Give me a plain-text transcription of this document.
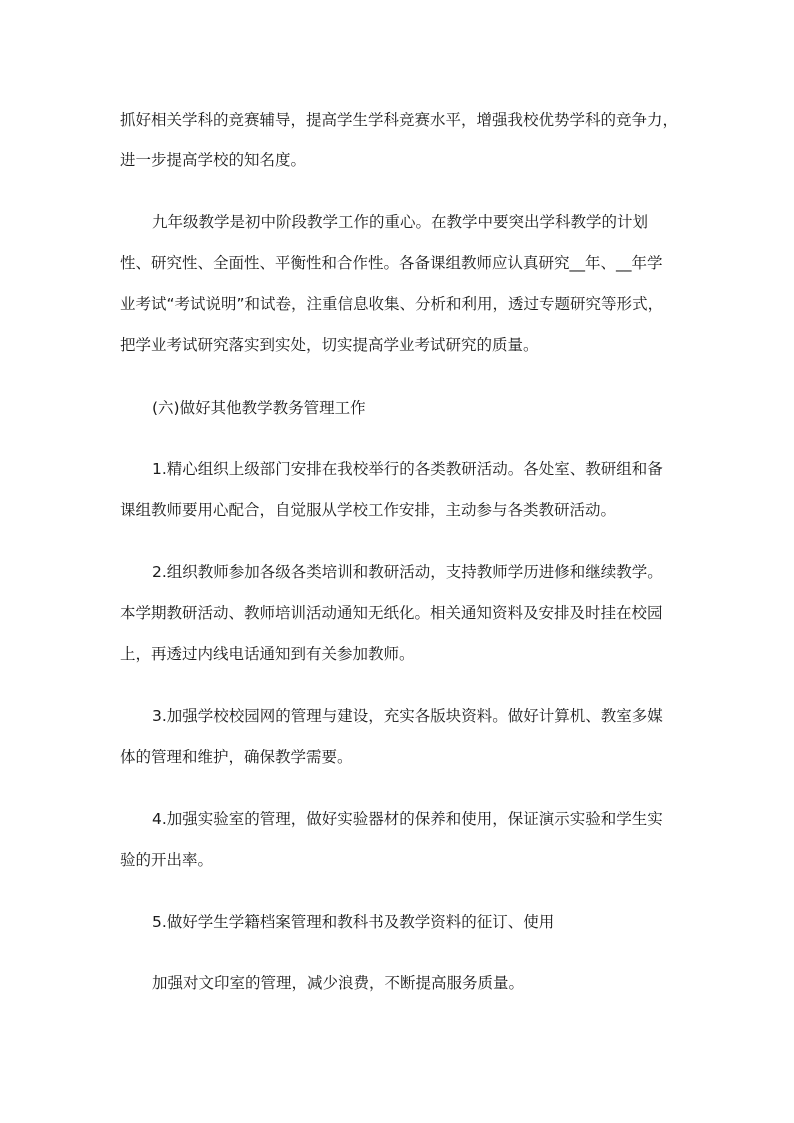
抓好相关学科的竞赛辅导，提高学生学科竞赛水平，增强我校优势学科的竞争力，
进一步提高学校的知名度。
九年级教学是初中阶段教学工作的重心。在教学中要突出学科教学的计划
性、研究性、全面性、平衡性和合作性。各备课组教师应认真研究__年、__年学
业考试“考试说明”和试卷，注重信息收集、分析和利用，透过专题研究等形式，
把学业考试研究落实到实处，切实提高学业考试研究的质量。
(六)做好其他教学教务管理工作
1.精心组织上级部门安排在我校举行的各类教研活动。各处室、教研组和备
课组教师要用心配合，自觉服从学校工作安排，主动参与各类教研活动。
2.组织教师参加各级各类培训和教研活动，支持教师学历进修和继续教学。
本学期教研活动、教师培训活动通知无纸化。相关通知资料及安排及时挂在校园
上，再透过内线电话通知到有关参加教师。
3.加强学校校园网的管理与建设，充实各版块资料。做好计算机、教室多媒
体的管理和维护，确保教学需要。
4.加强实验室的管理，做好实验器材的保养和使用，保证演示实验和学生实
验的开出率。
5.做好学生学籍档案管理和教科书及教学资料的征订、使用
加强对文印室的管理，减少浪费，不断提高服务质量。
